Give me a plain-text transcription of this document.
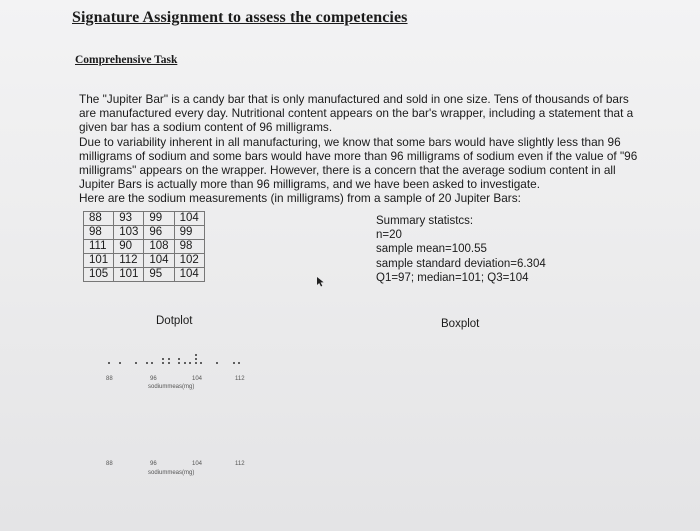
Signature Assignment to assess the competencies
Comprehensive Task

The "Jupiter Bar" is a candy bar that is only manufactured and sold in one size. Tens of thousands of bars are manufactured every day. Nutritional content appears on the bar's wrapper, including a statement that a given bar has a sodium content of 96 milligrams.

Due to variability inherent in all manufacturing, we know that some bars would have slightly less than 96 milligrams of sodium and some bars would have more than 96 milligrams of sodium even if the value of "96 milligrams" appears on the wrapper. However, there is a concern that the average sodium content in all Jupiter Bars is actually more than 96 milligrams, and we have been asked to investigate.

Here are the sodium measurements (in milligrams) from a sample of 20 Jupiter Bars:

88	93	99	104
98	103	96	99
111	90	108	98
101	112	104	102
105	101	95	104
Summary statistcs:
n=20
sample mean=100.55
sample standard deviation=6.304
Q1=97; median=101; Q3=104
Dotplot	Boxplot
88	96	104	112
sodiummeas(mg)
88	96	104	112
sodiummeas(mg)
